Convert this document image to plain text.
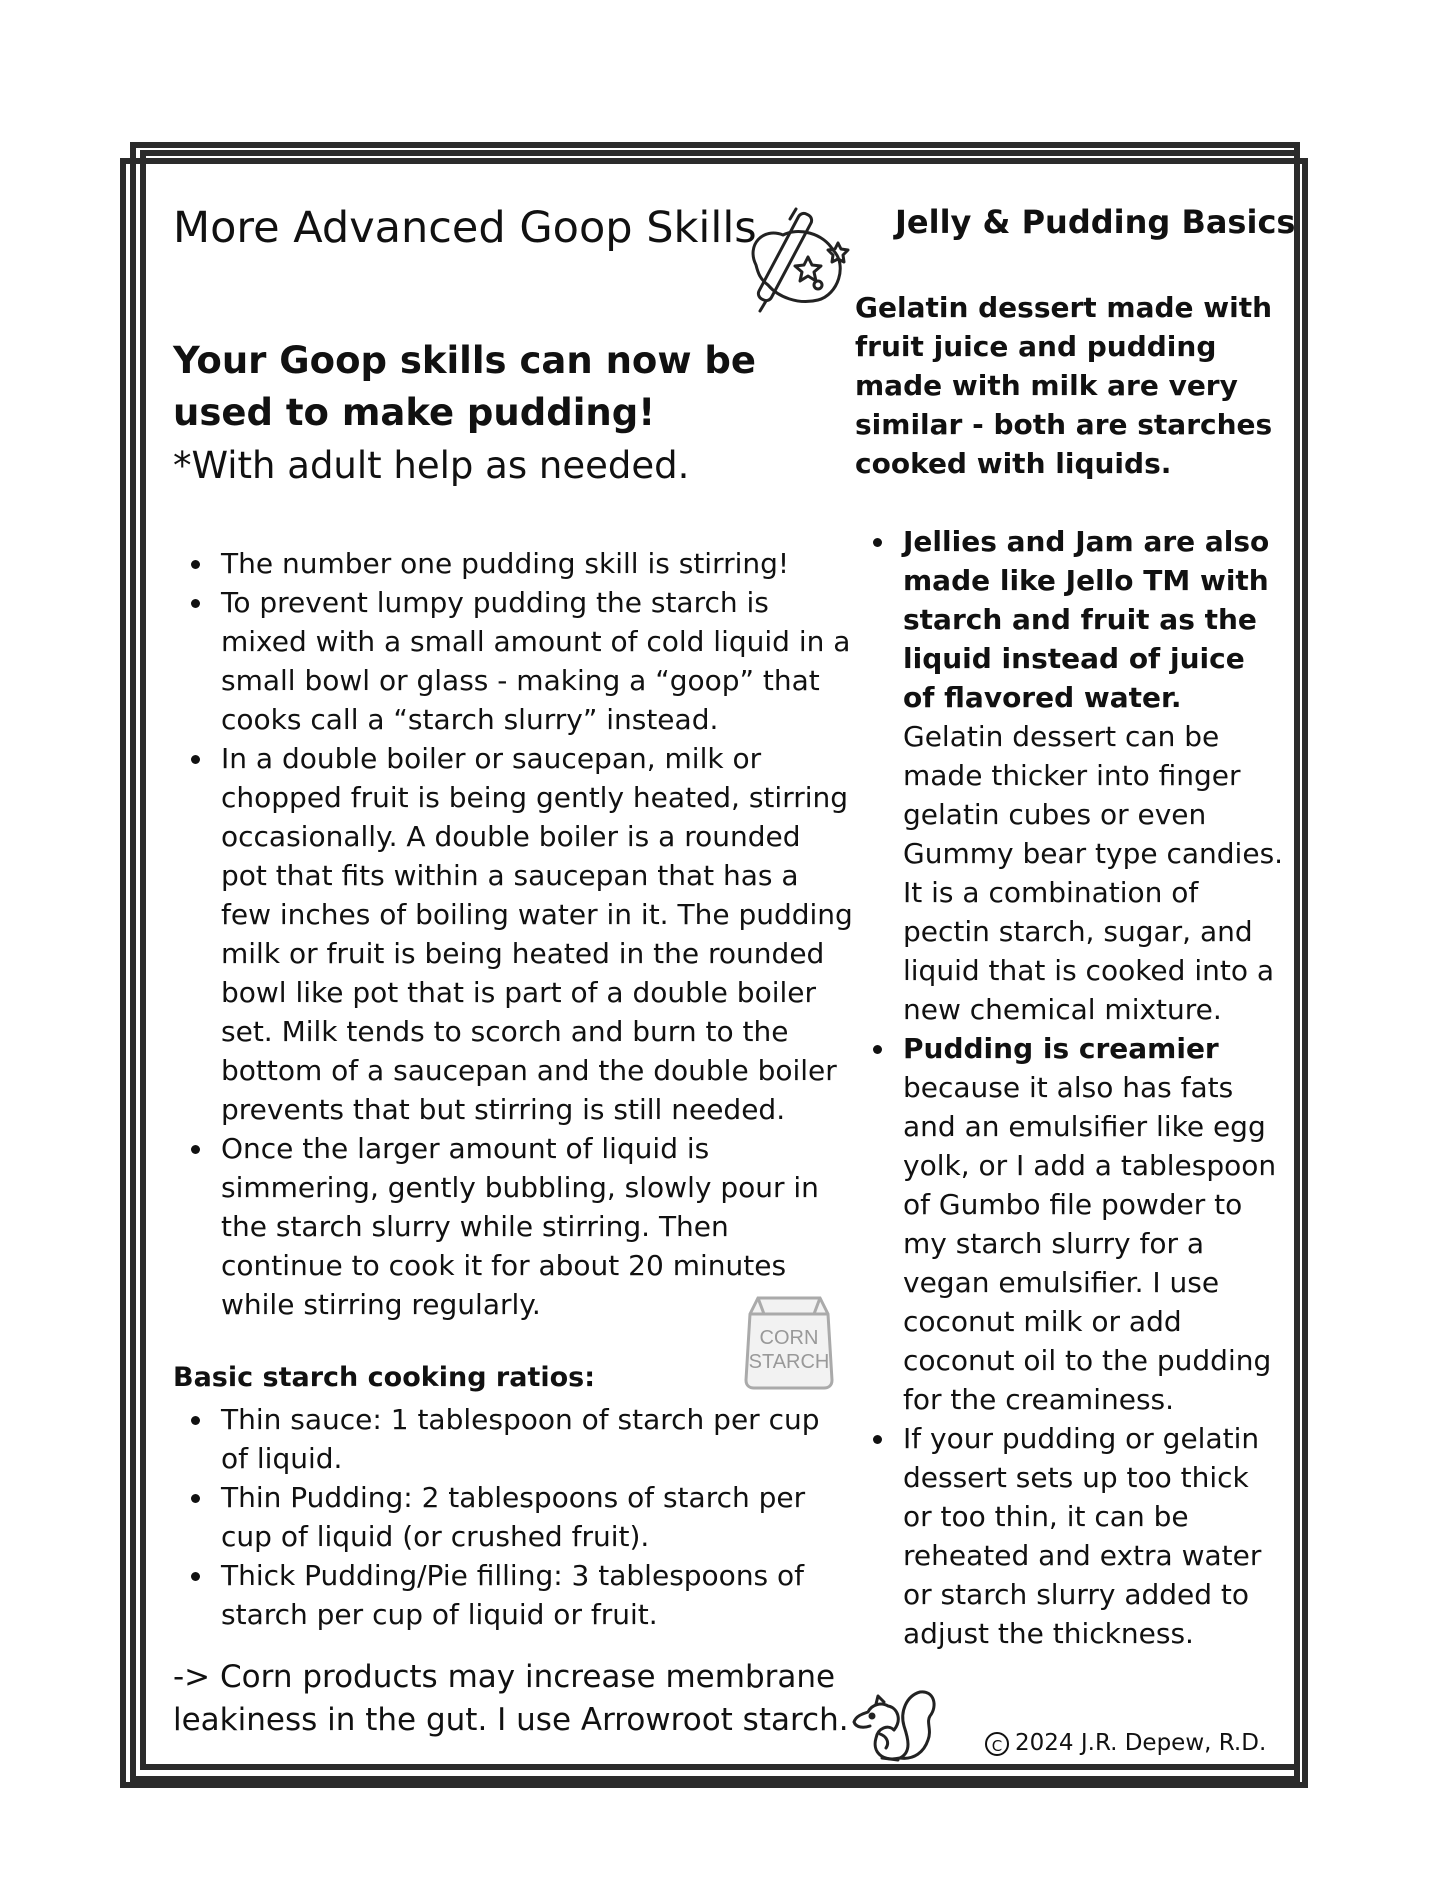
More Advanced Goop Skills	Jelly & Pudding Basics
Gelatin dessert made with fruit juice and pudding made with milk are very similar - both are starches cooked with liquids.
Your Goop skills can now be used to make pudding!
*With adult help as needed.
The number one pudding skill is stirring!
To prevent lumpy pudding the starch is mixed with a small amount of cold liquid in a small bowl or glass - making a “goop” that cooks call a “starch slurry” instead.
In a double boiler or saucepan, milk or chopped fruit is being gently heated, stirring occasionally. A double boiler is a rounded pot that fits within a saucepan that has a few inches of boiling water in it. The pudding milk or fruit is being heated in the rounded bowl like pot that is part of a double boiler set. Milk tends to scorch and burn to the bottom of a saucepan and the double boiler prevents that but stirring is still needed.
Once the larger amount of liquid is simmering, gently bubbling, slowly pour in the starch slurry while stirring. Then continue to cook it for about 20 minutes while stirring regularly.
CORN
STARCH
Basic starch cooking ratios:
Thin sauce: 1 tablespoon of starch per cup of liquid.
Thin Pudding: 2 tablespoons of starch per cup of liquid (or crushed fruit).
Thick Pudding/Pie filling: 3 tablespoons of starch per cup of liquid or fruit.
Jellies and Jam are also made like Jello TM with starch and fruit as the liquid instead of juice of flavored water. Gelatin dessert can be made thicker into finger gelatin cubes or even Gummy bear type candies. It is a combination of pectin starch, sugar, and liquid that is cooked into a new chemical mixture.
Pudding is creamier because it also has fats and an emulsifier like egg yolk, or I add a tablespoon of Gumbo file powder to my starch slurry for a vegan emulsifier. I use coconut milk or add coconut oil to the pudding for the creaminess.
If your pudding or gelatin dessert sets up too thick or too thin, it can be reheated and extra water or starch slurry added to adjust the thickness.
-> Corn products may increase membrane leakiness in the gut. I use Arrowroot starch.
C 2024 J.R. Depew, R.D.
